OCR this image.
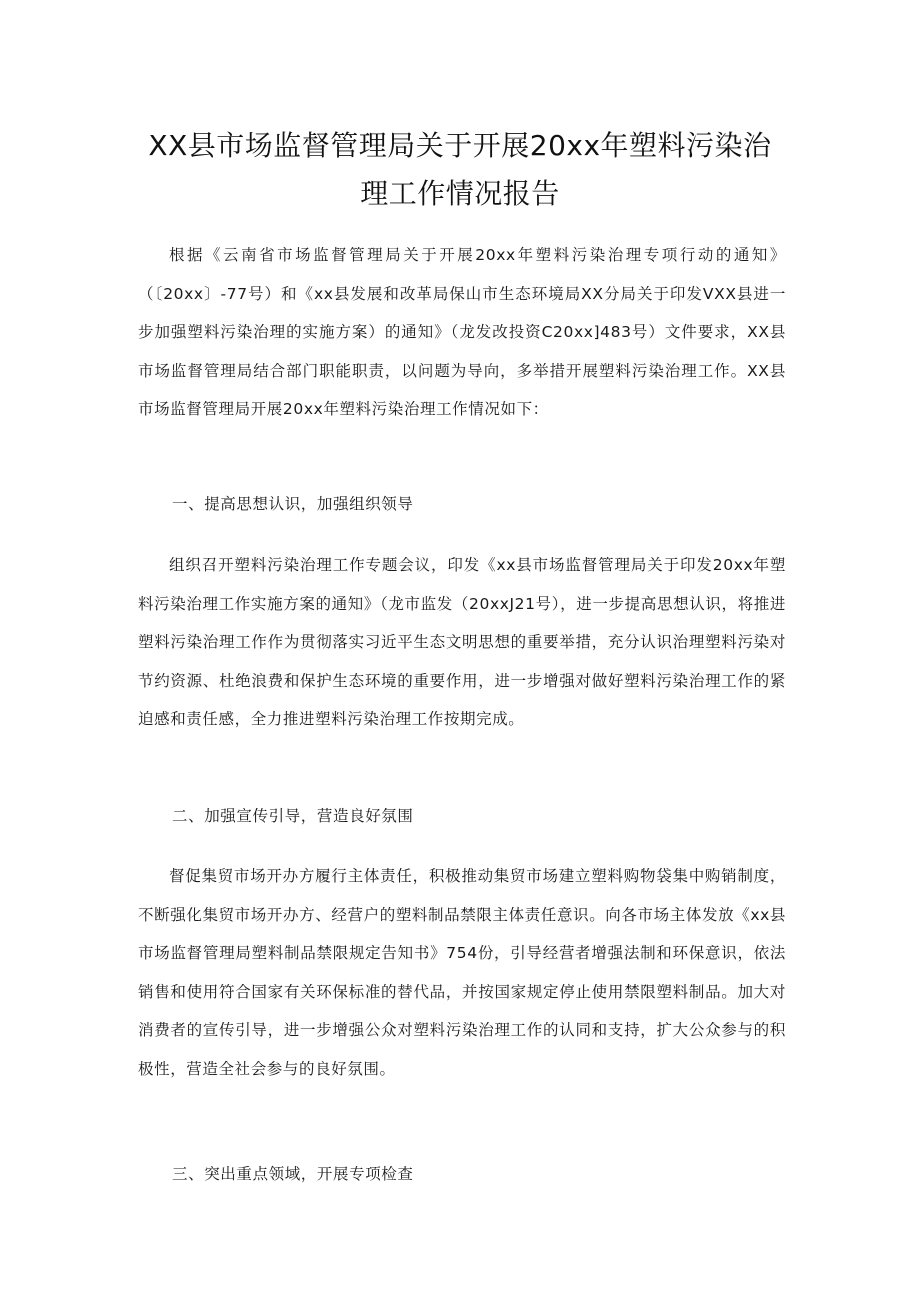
XX县市场监督管理局关于开展20xx年塑料污染治
理工作情况报告

根据《云南省市场监督管理局关于开展20xx年塑料污染治理专项行动的通知》（〔20xx〕-77号）和《xx县发展和改革局保山市生态环境局XX分局关于印发VXX县进一步加强塑料污染治理的实施方案）的通知》（龙发改投资C20xx]483号）文件要求，XX县市场监督管理局结合部门职能职责，以问题为导向，多举措开展塑料污染治理工作。XX县市场监督管理局开展20xx年塑料污染治理工作情况如下：

一、提高思想认识，加强组织领导

组织召开塑料污染治理工作专题会议，印发《xx县市场监督管理局关于印发20xx年塑料污染治理工作实施方案的通知》（龙市监发（20xxJ21号），进一步提高思想认识，将推进塑料污染治理工作作为贯彻落实习近平生态文明思想的重要举措，充分认识治理塑料污染对节约资源、杜绝浪费和保护生态环境的重要作用，进一步增强对做好塑料污染治理工作的紧迫感和责任感，全力推进塑料污染治理工作按期完成。

二、加强宣传引导，营造良好氛围

督促集贸市场开办方履行主体责任，积极推动集贸市场建立塑料购物袋集中购销制度，不断强化集贸市场开办方、经营户的塑料制品禁限主体责任意识。向各市场主体发放《xx县市场监督管理局塑料制品禁限规定告知书》754份，引导经营者增强法制和环保意识，依法销售和使用符合国家有关环保标准的替代品，并按国家规定停止使用禁限塑料制品。加大对消费者的宣传引导，进一步增强公众对塑料污染治理工作的认同和支持，扩大公众参与的积极性，营造全社会参与的良好氛围。

三、突出重点领域，开展专项检查
